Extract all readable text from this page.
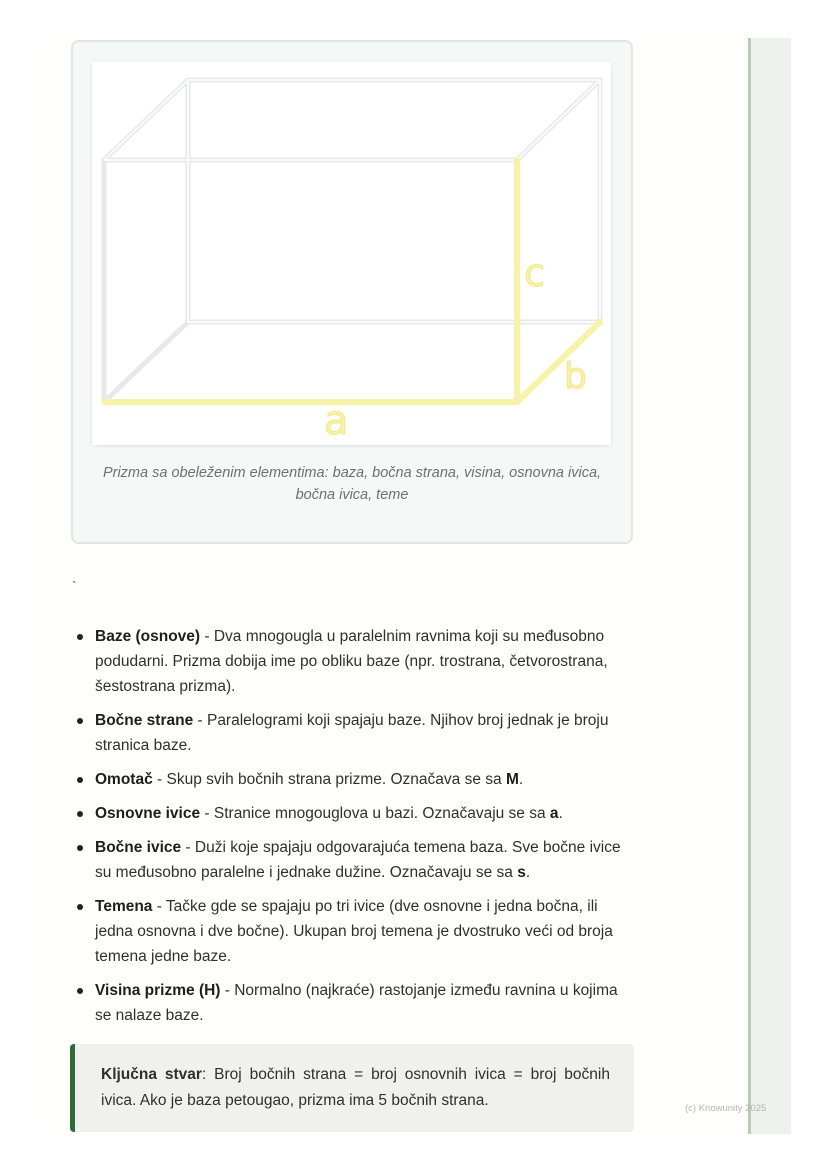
a
c
b
Prizma sa obeleženim elementima: baza, bočna strana, visina, osnovna ivica, bočna ivica, teme
`
Baze (osnove) - Dva mnogougla u paralelnim ravnima koji su međusobno podudarni. Prizma dobija ime po obliku baze (npr. trostrana, četvorostrana, šestostrana prizma).
Bočne strane - Paralelogrami koji spajaju baze. Njihov broj jednak je broju stranica baze.
Omotač - Skup svih bočnih strana prizme. Označava se sa M.
Osnovne ivice - Stranice mnogouglova u bazi. Označavaju se sa a.
Bočne ivice - Duži koje spajaju odgovarajuća temena baza. Sve bočne ivice su međusobno paralelne i jednake dužine. Označavaju se sa s.
Temena - Tačke gde se spajaju po tri ivice (dve osnovne i jedna bočna, ili jedna osnovna i dve bočne). Ukupan broj temena je dvostruko veći od broja temena jedne baze.
Visina prizme (H) - Normalno (najkraće) rastojanje između ravnina u kojima se nalaze baze.
Ključna stvar: Broj bočnih strana = broj osnovnih ivica = broj bočnih ivica. Ako je baza petougao, prizma ima 5 bočnih strana.	(c) Knowunity 2025
